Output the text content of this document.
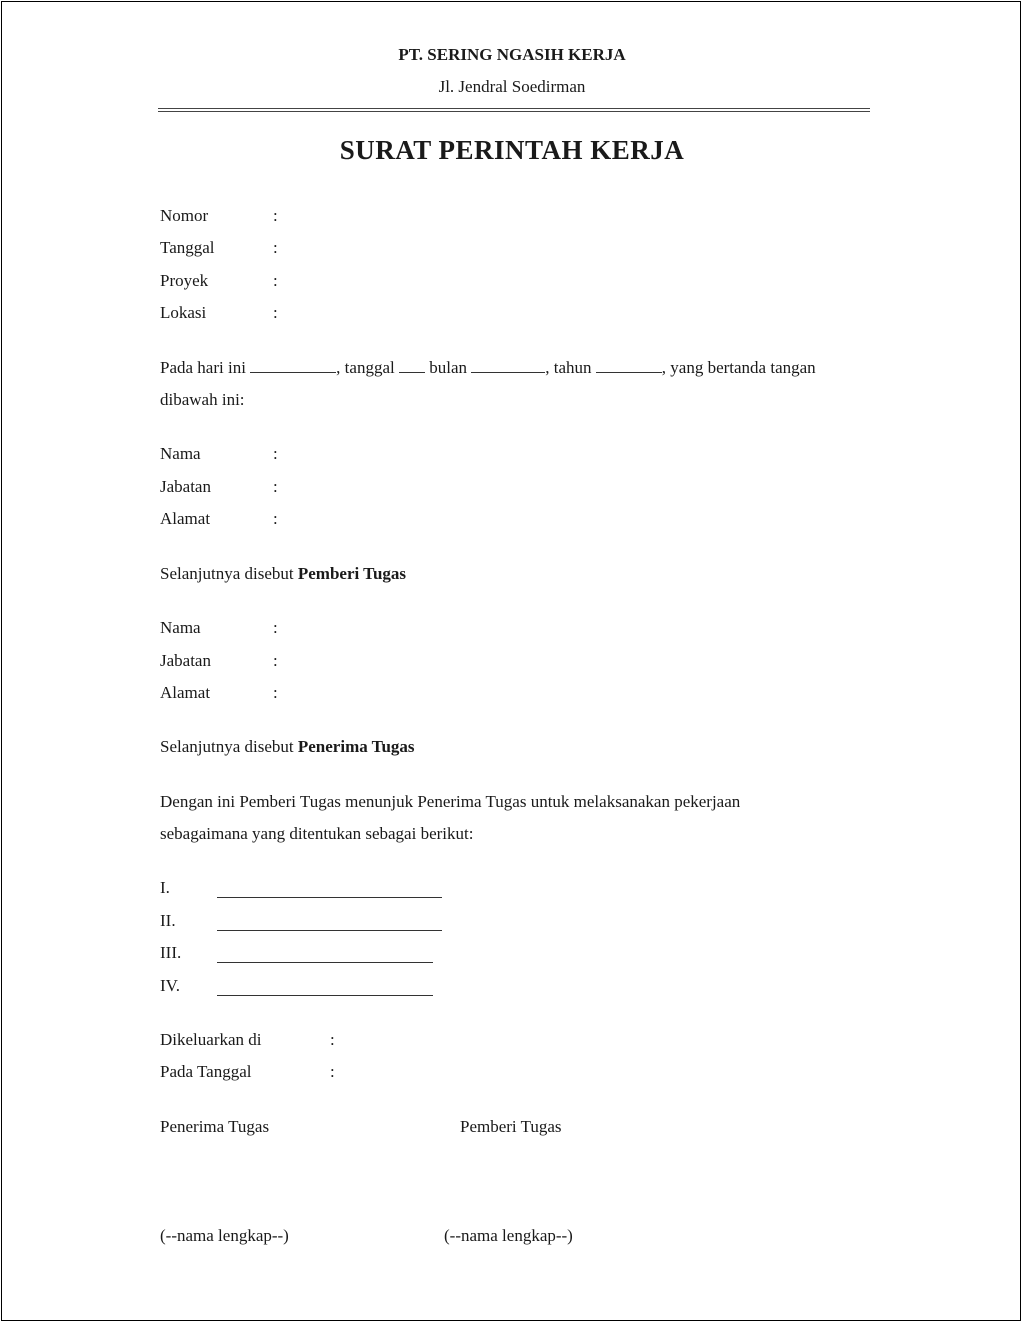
PT. SERING NGASIH KERJA
Jl. Jendral Soedirman
SURAT PERINTAH KERJA
Nomor	:
Tanggal	:
Proyek	:
Lokasi	:
Pada hari ini	, tanggal bulan	, tahun	, yang bertanda tangan
dibawah ini:
Nama	:
Jabatan	:
Alamat	:
Selanjutnya disebut Pemberi Tugas
Nama	:
Jabatan	:
Alamat	:
Selanjutnya disebut Penerima Tugas
Dengan ini Pemberi Tugas menunjuk Penerima Tugas untuk melaksanakan pekerjaan
sebagaimana yang ditentukan sebagai berikut:
I.
II.
III.
IV.
Dikeluarkan di	:
Pada Tanggal	:
Penerima Tugas	Pemberi Tugas
(--nama lengkap--)	(--nama lengkap--)
